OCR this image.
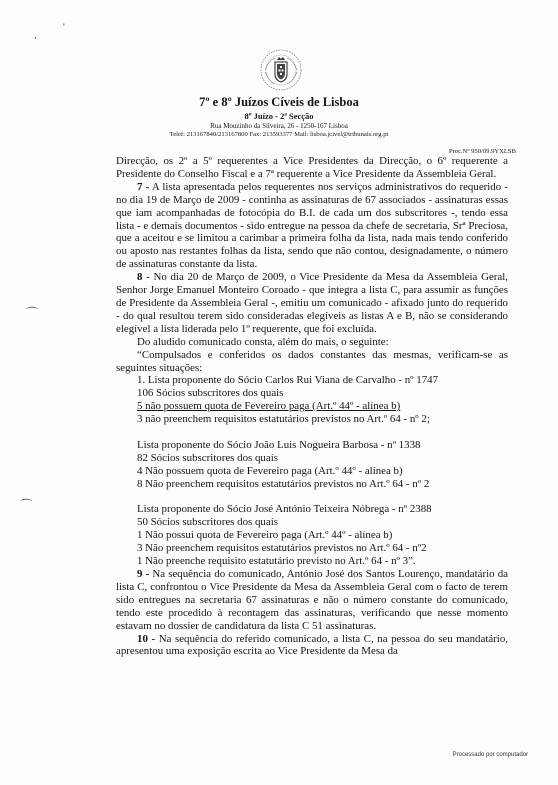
,
'
⌒
⌒
7º e 8º Juízos Cíveis de Lisboa
8º Juízo - 2ª Secção
Rua Mouzinho da Silveira, 26 - 1250-167 Lisboa
Telef: 213167840/213167800 Fax: 213593377 Mail: lisboa.jcivel@tribunais.org.pt
Proc.Nº 950/09.9YXLSB

Direcção, os 2º a 5º requerentes a Vice Presidentes da Direcção, o 6º requerente a Presidente do Conselho Fiscal e a 7ª requerente a Vice Presidente da Assembleia Geral.

7 - A lista apresentada pelos requerentes nos serviços administrativos do requerido - no dia 19 de Março de 2009 - continha as assinaturas de 67 associados - assinaturas essas que iam acompanhadas de fotocópia do B.I. de cada um dos subscritores -, tendo essa lista - e demais documentos - sido entregue na pessoa da chefe de secretaria, Srª Preciosa, que a aceitou e se limitou a carimbar a primeira folha da lista, nada mais tendo conferido ou aposto nas restantes folhas da lista, sendo que não contou, designadamente, o número de assinaturas constante da lista.

8 - No dia 20 de Março de 2009, o Vice Presidente da Mesa da Assembleia Geral, Senhor Jorge Emanuel Monteiro Coroado - que integra a lista C, para assumir as funções de Presidente da Assembleia Geral -, emitiu um comunicado - afixado junto do requerido - do qual resultou terem sido consideradas elegíveis as listas A e B, não se considerando elegível a lista liderada pelo 1º requerente, que foi excluída.

Do aludido comunicado consta, além do mais, o seguinte:

“Compulsados e conferidos os dados constantes das mesmas, verificam-se as seguintes situações:

1. Lista proponente do Sócio Carlos Rui Viana de Carvalho - nº 1747

106 Sócios subscritores dos quais

5 não possuem quota de Fevereiro paga (Art.º 44º - alínea b)

3 não preenchem requisitos estatutários previstos no Art.º 64 - nº 2;

Lista proponente do Sócio João Luis Nogueira Barbosa - nº 1338

82 Sócios subscritores dos quais

4 Não possuem quota de Fevereiro paga (Art.º 44º - alínea b)

8 Não preenchem requisitos estatutários previstos no Art.º 64 - nº 2

Lista proponente do Sócio José António Teixeira Nóbrega - nº 2388

50 Sócios subscritores dos quais

1 Não possui quota de Fevereiro paga (Art.º 44º - alínea b)

3 Não preenchem requisitos estatutários previstos no Art.º 64 - nº2

1 Não preenche requisito estatutário previsto no Art.º 64 - nº 3”.

9 - Na sequência do comunicado, António José dos Santos Lourenço, mandatário da lista C, confrontou o Vice Presidente da Mesa da Assembleia Geral com o facto de terem sido entregues na secretaria 67 assinaturas e não o número constante do comunicado, tendo este procedido à recontagem das assinaturas, verificando que nesse momento estavam no dossier de candidatura da lista C 51 assinaturas.

10 - Na sequência do referido comunicado, a lista C, na pessoa do seu mandatário, apresentou uma exposição escrita ao Vice Presidente da Mesa da

Processado por computador
